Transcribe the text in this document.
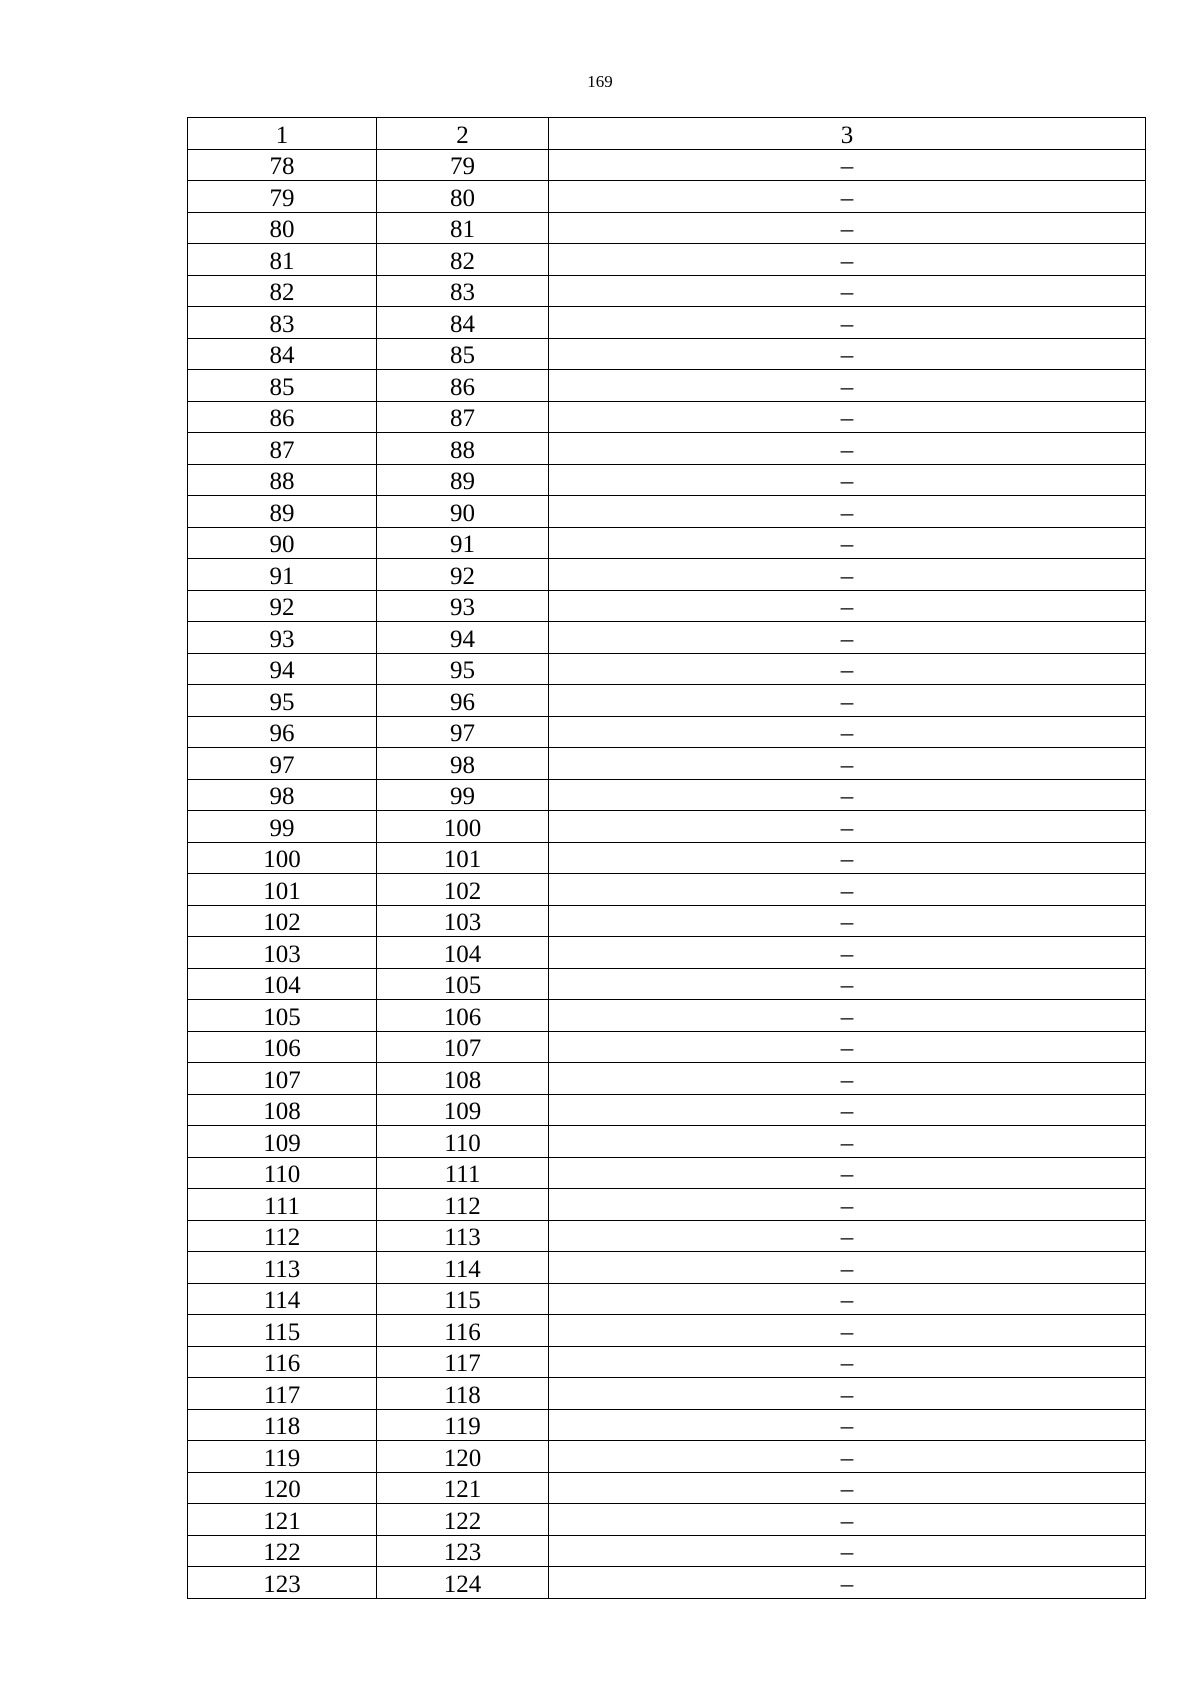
169
1	2	3
78	79	–
79	80	–
80	81	–
81	82	–
82	83	–
83	84	–
84	85	–
85	86	–
86	87	–
87	88	–
88	89	–
89	90	–
90	91	–
91	92	–
92	93	–
93	94	–
94	95	–
95	96	–
96	97	–
97	98	–
98	99	–
99	100	–
100	101	–
101	102	–
102	103	–
103	104	–
104	105	–
105	106	–
106	107	–
107	108	–
108	109	–
109	110	–
110	111	–
111	112	–
112	113	–
113	114	–
114	115	–
115	116	–
116	117	–
117	118	–
118	119	–
119	120	–
120	121	–
121	122	–
122	123	–
123	124	–
